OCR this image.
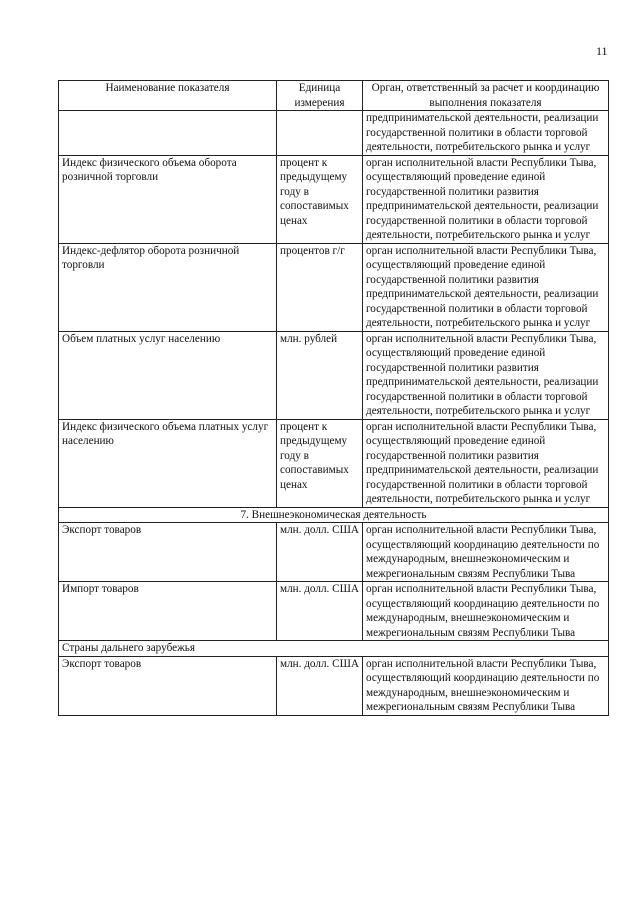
11
Наименование показателя	Единица измерения	Орган, ответственный за расчет и координацию выполнения показателя
		предпринимательской деятельности, реализации государственной политики в области торговой деятельности, потребительского рынка и услуг
Индекс физического объема оборота розничной торговли	процент к предыдущему году в сопоставимых ценах	орган исполнительной власти Республики Тыва, осуществляющий проведение единой государственной политики развития предпринимательской деятельности, реализации государственной политики в области торговой деятельности, потребительского рынка и услуг
Индекс-дефлятор оборота розничной торговли	процентов г/г	орган исполнительной власти Республики Тыва, осуществляющий проведение единой государственной политики развития предпринимательской деятельности, реализации государственной политики в области торговой деятельности, потребительского рынка и услуг
Объем платных услуг населению	млн. рублей	орган исполнительной власти Республики Тыва, осуществляющий проведение единой государственной политики развития предпринимательской деятельности, реализации государственной политики в области торговой деятельности, потребительского рынка и услуг
Индекс физического объема платных услуг населению	процент к предыдущему году в сопоставимых ценах	орган исполнительной власти Республики Тыва, осуществляющий проведение единой государственной политики развития предпринимательской деятельности, реализации государственной политики в области торговой деятельности, потребительского рынка и услуг
7. Внешнеэкономическая деятельность		
Экспорт товаров	млн. долл. США	орган исполнительной власти Республики Тыва, осуществляющий координацию деятельности по международным, внешнеэкономическим и межрегиональным связям Республики Тыва
Импорт товаров	млн. долл. США	орган исполнительной власти Республики Тыва, осуществляющий координацию деятельности по международным, внешнеэкономическим и межрегиональным связям Республики Тыва
Страны дальнего зарубежья		
Экспорт товаров	млн. долл. США	орган исполнительной власти Республики Тыва, осуществляющий координацию деятельности по международным, внешнеэкономическим и межрегиональным связям Республики Тыва
